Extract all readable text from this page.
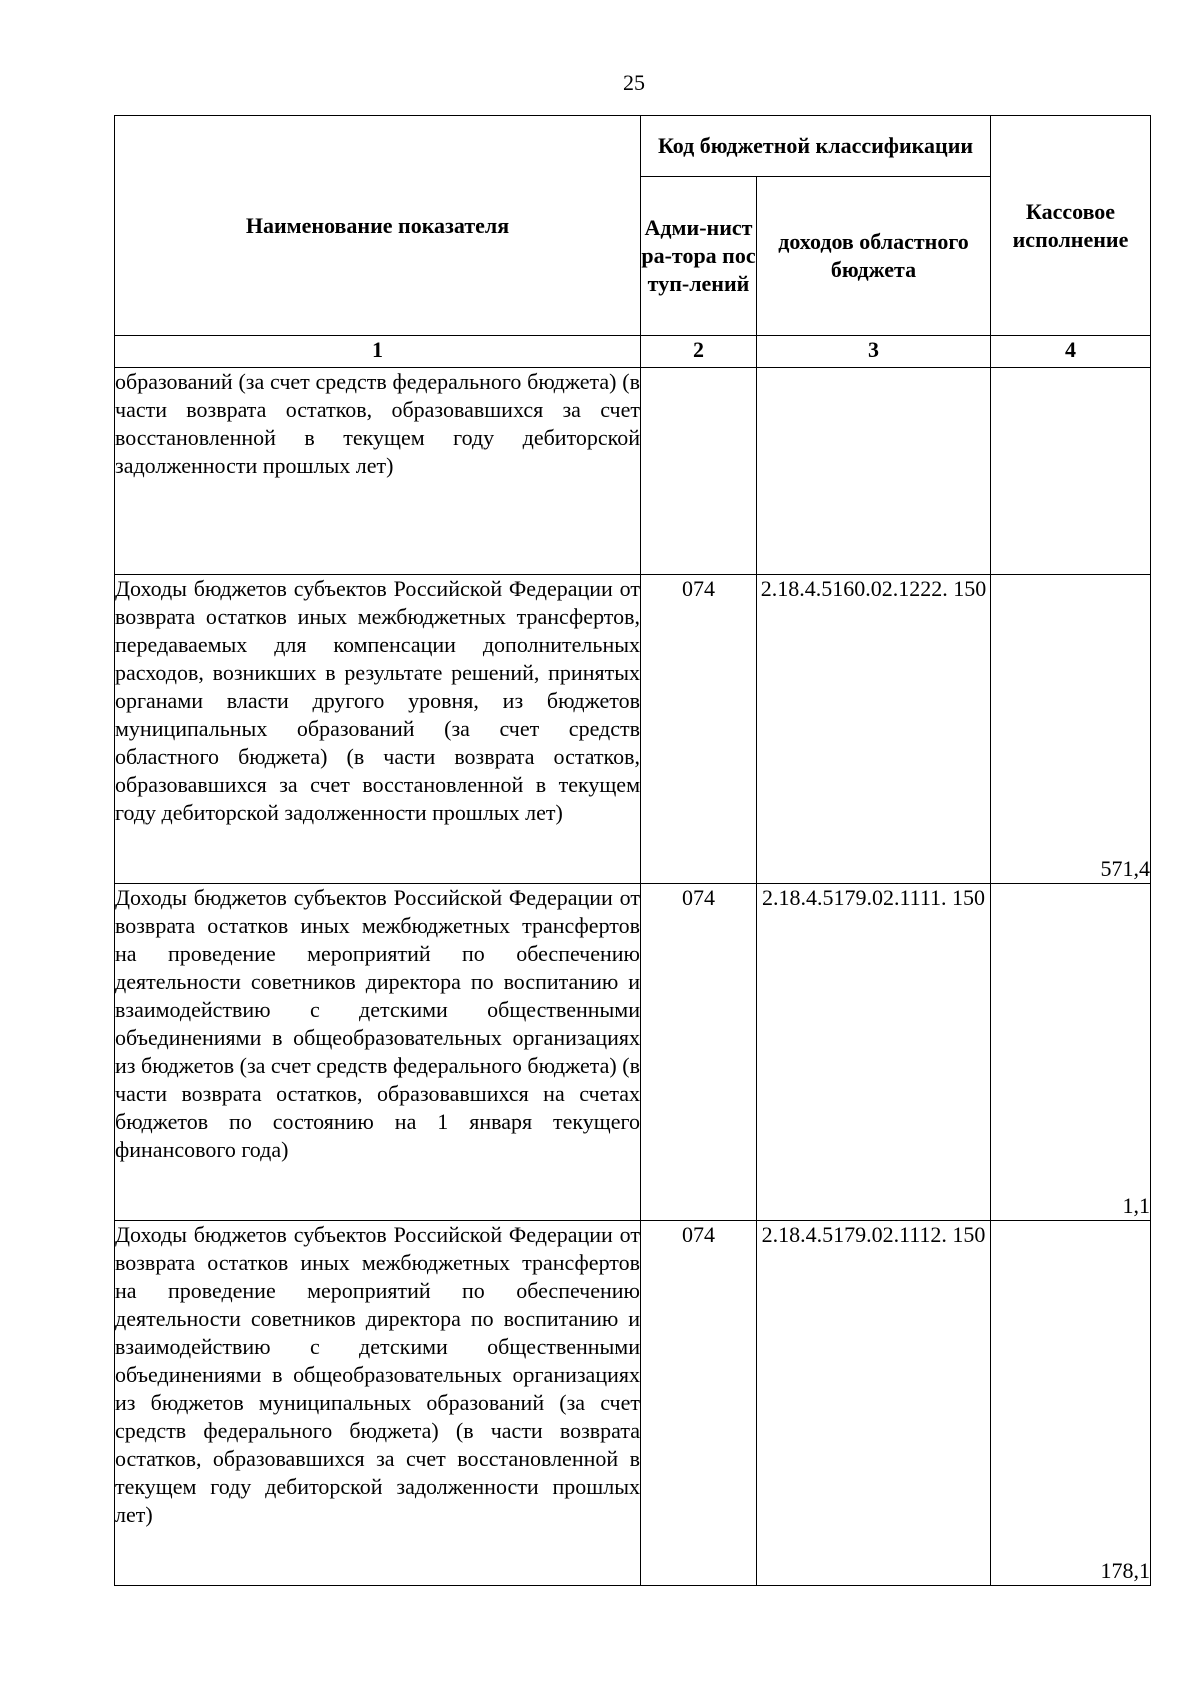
25
Наименование показателя	Код бюджетной классификации		Кассовое исполнение
	Адми-нистра-тора поступ-лений	доходов областного бюджета	
1	2	3	4
образований (за счет средств федерального бюджета) (в части возврата остатков, образовавшихся за счет восстановленной в текущем году дебиторской задолженности прошлых лет)			
Доходы бюджетов субъектов Российской Федерации от возврата остатков иных межбюджетных трансфертов, передаваемых для компенсации дополнительных расходов, возникших в результате решений, принятых органами власти другого уровня, из бюджетов муниципальных образований (за счет средств областного бюджета) (в части возврата остатков, образовавшихся за счет восстановленной в текущем году дебиторской задолженности прошлых лет)	074	2.18.4.5160.02.1222. 150	571,4
Доходы бюджетов субъектов Российской Федерации от возврата остатков иных межбюджетных трансфертов на проведение мероприятий по обеспечению деятельности советников директора по воспитанию и взаимодействию с детскими общественными объединениями в общеобразовательных организациях из бюджетов (за счет средств федерального бюджета) (в части возврата остатков, образовавшихся на счетах бюджетов по состоянию на 1 января текущего финансового года)	074	2.18.4.5179.02.1111. 150	1,1
Доходы бюджетов субъектов Российской Федерации от возврата остатков иных межбюджетных трансфертов на проведение мероприятий по обеспечению деятельности советников директора по воспитанию и взаимодействию с детскими общественными объединениями в общеобразовательных организациях из бюджетов муниципальных образований (за счет средств федерального бюджета) (в части возврата остатков, образовавшихся за счет восстановленной в текущем году дебиторской задолженности прошлых лет)	074	2.18.4.5179.02.1112. 150	178,1
